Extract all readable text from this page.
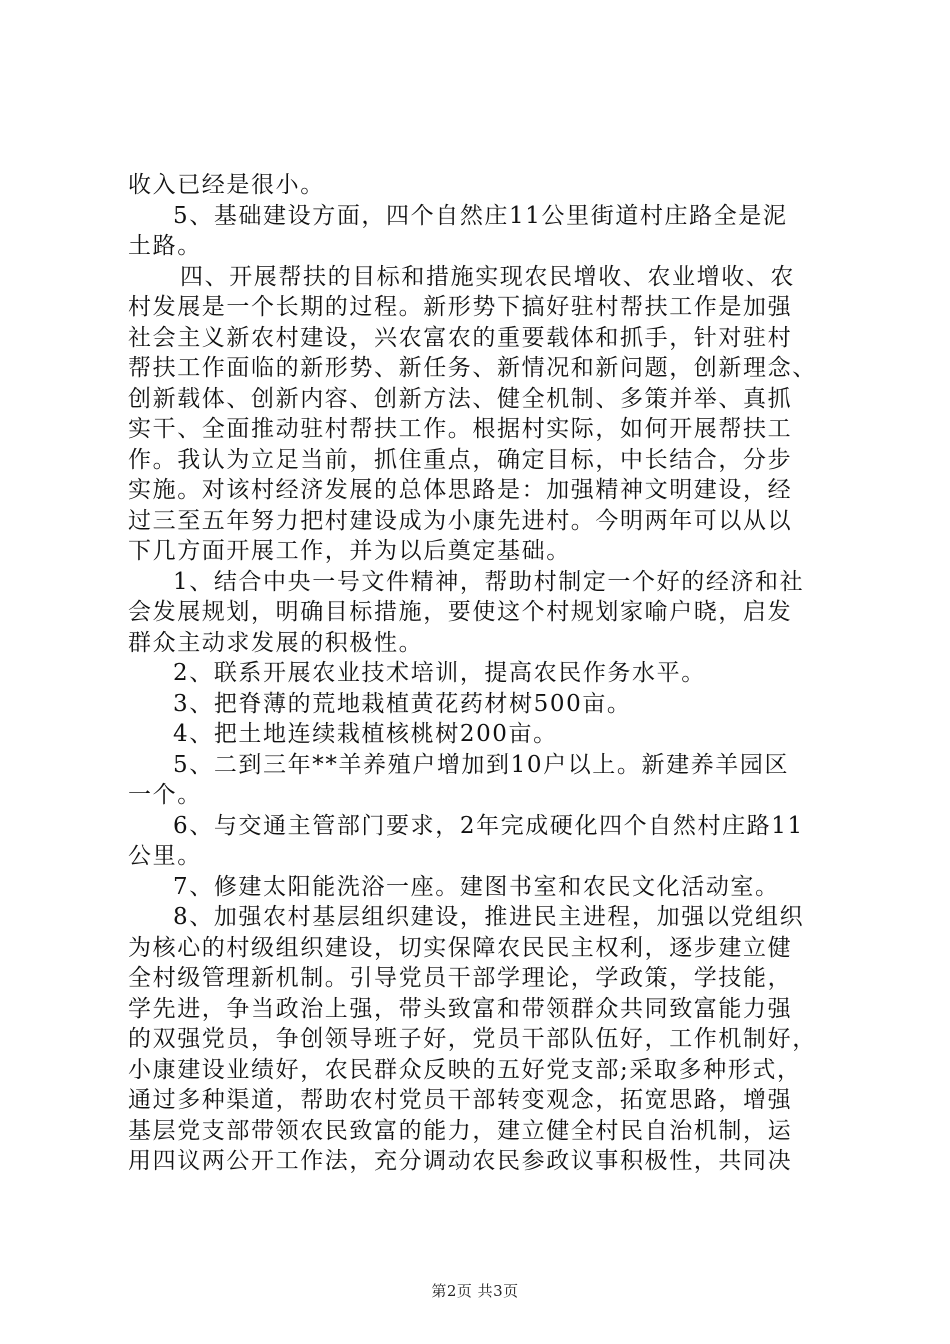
收入已经是很小。
5、基础建设方面，四个自然庄11公里街道村庄路全是泥
土路。
四、开展帮扶的目标和措施实现农民增收、农业增收、农
村发展是一个长期的过程。新形势下搞好驻村帮扶工作是加强
社会主义新农村建设，兴农富农的重要载体和抓手，针对驻村
帮扶工作面临的新形势、新任务、新情况和新问题，创新理念、
创新载体、创新内容、创新方法、健全机制、多策并举、真抓
实干、全面推动驻村帮扶工作。根据村实际，如何开展帮扶工
作。我认为立足当前，抓住重点，确定目标，中长结合，分步
实施。对该村经济发展的总体思路是：加强精神文明建设，经
过三至五年努力把村建设成为小康先进村。今明两年可以从以
下几方面开展工作，并为以后奠定基础。
1、结合中央一号文件精神，帮助村制定一个好的经济和社
会发展规划，明确目标措施，要使这个村规划家喻户晓，启发
群众主动求发展的积极性。
2、联系开展农业技术培训，提高农民作务水平。
3、把脊薄的荒地栽植黄花药材树500亩。
4、把土地连续栽植核桃树200亩。
5、二到三年**羊养殖户增加到10户以上。新建养羊园区
一个。
6、与交通主管部门要求，2年完成硬化四个自然村庄路11
公里。
7、修建太阳能洗浴一座。建图书室和农民文化活动室。
8、加强农村基层组织建设，推进民主进程，加强以党组织
为核心的村级组织建设，切实保障农民民主权利，逐步建立健
全村级管理新机制。引导党员干部学理论，学政策，学技能，
学先进，争当政治上强，带头致富和带领群众共同致富能力强
的双强党员，争创领导班子好，党员干部队伍好，工作机制好，
小康建设业绩好，农民群众反映的五好党支部;采取多种形式，
通过多种渠道，帮助农村党员干部转变观念，拓宽思路，增强
基层党支部带领农民致富的能力，建立健全村民自治机制，运
用四议两公开工作法，充分调动农民参政议事积极性，共同决
第2页 共3页
